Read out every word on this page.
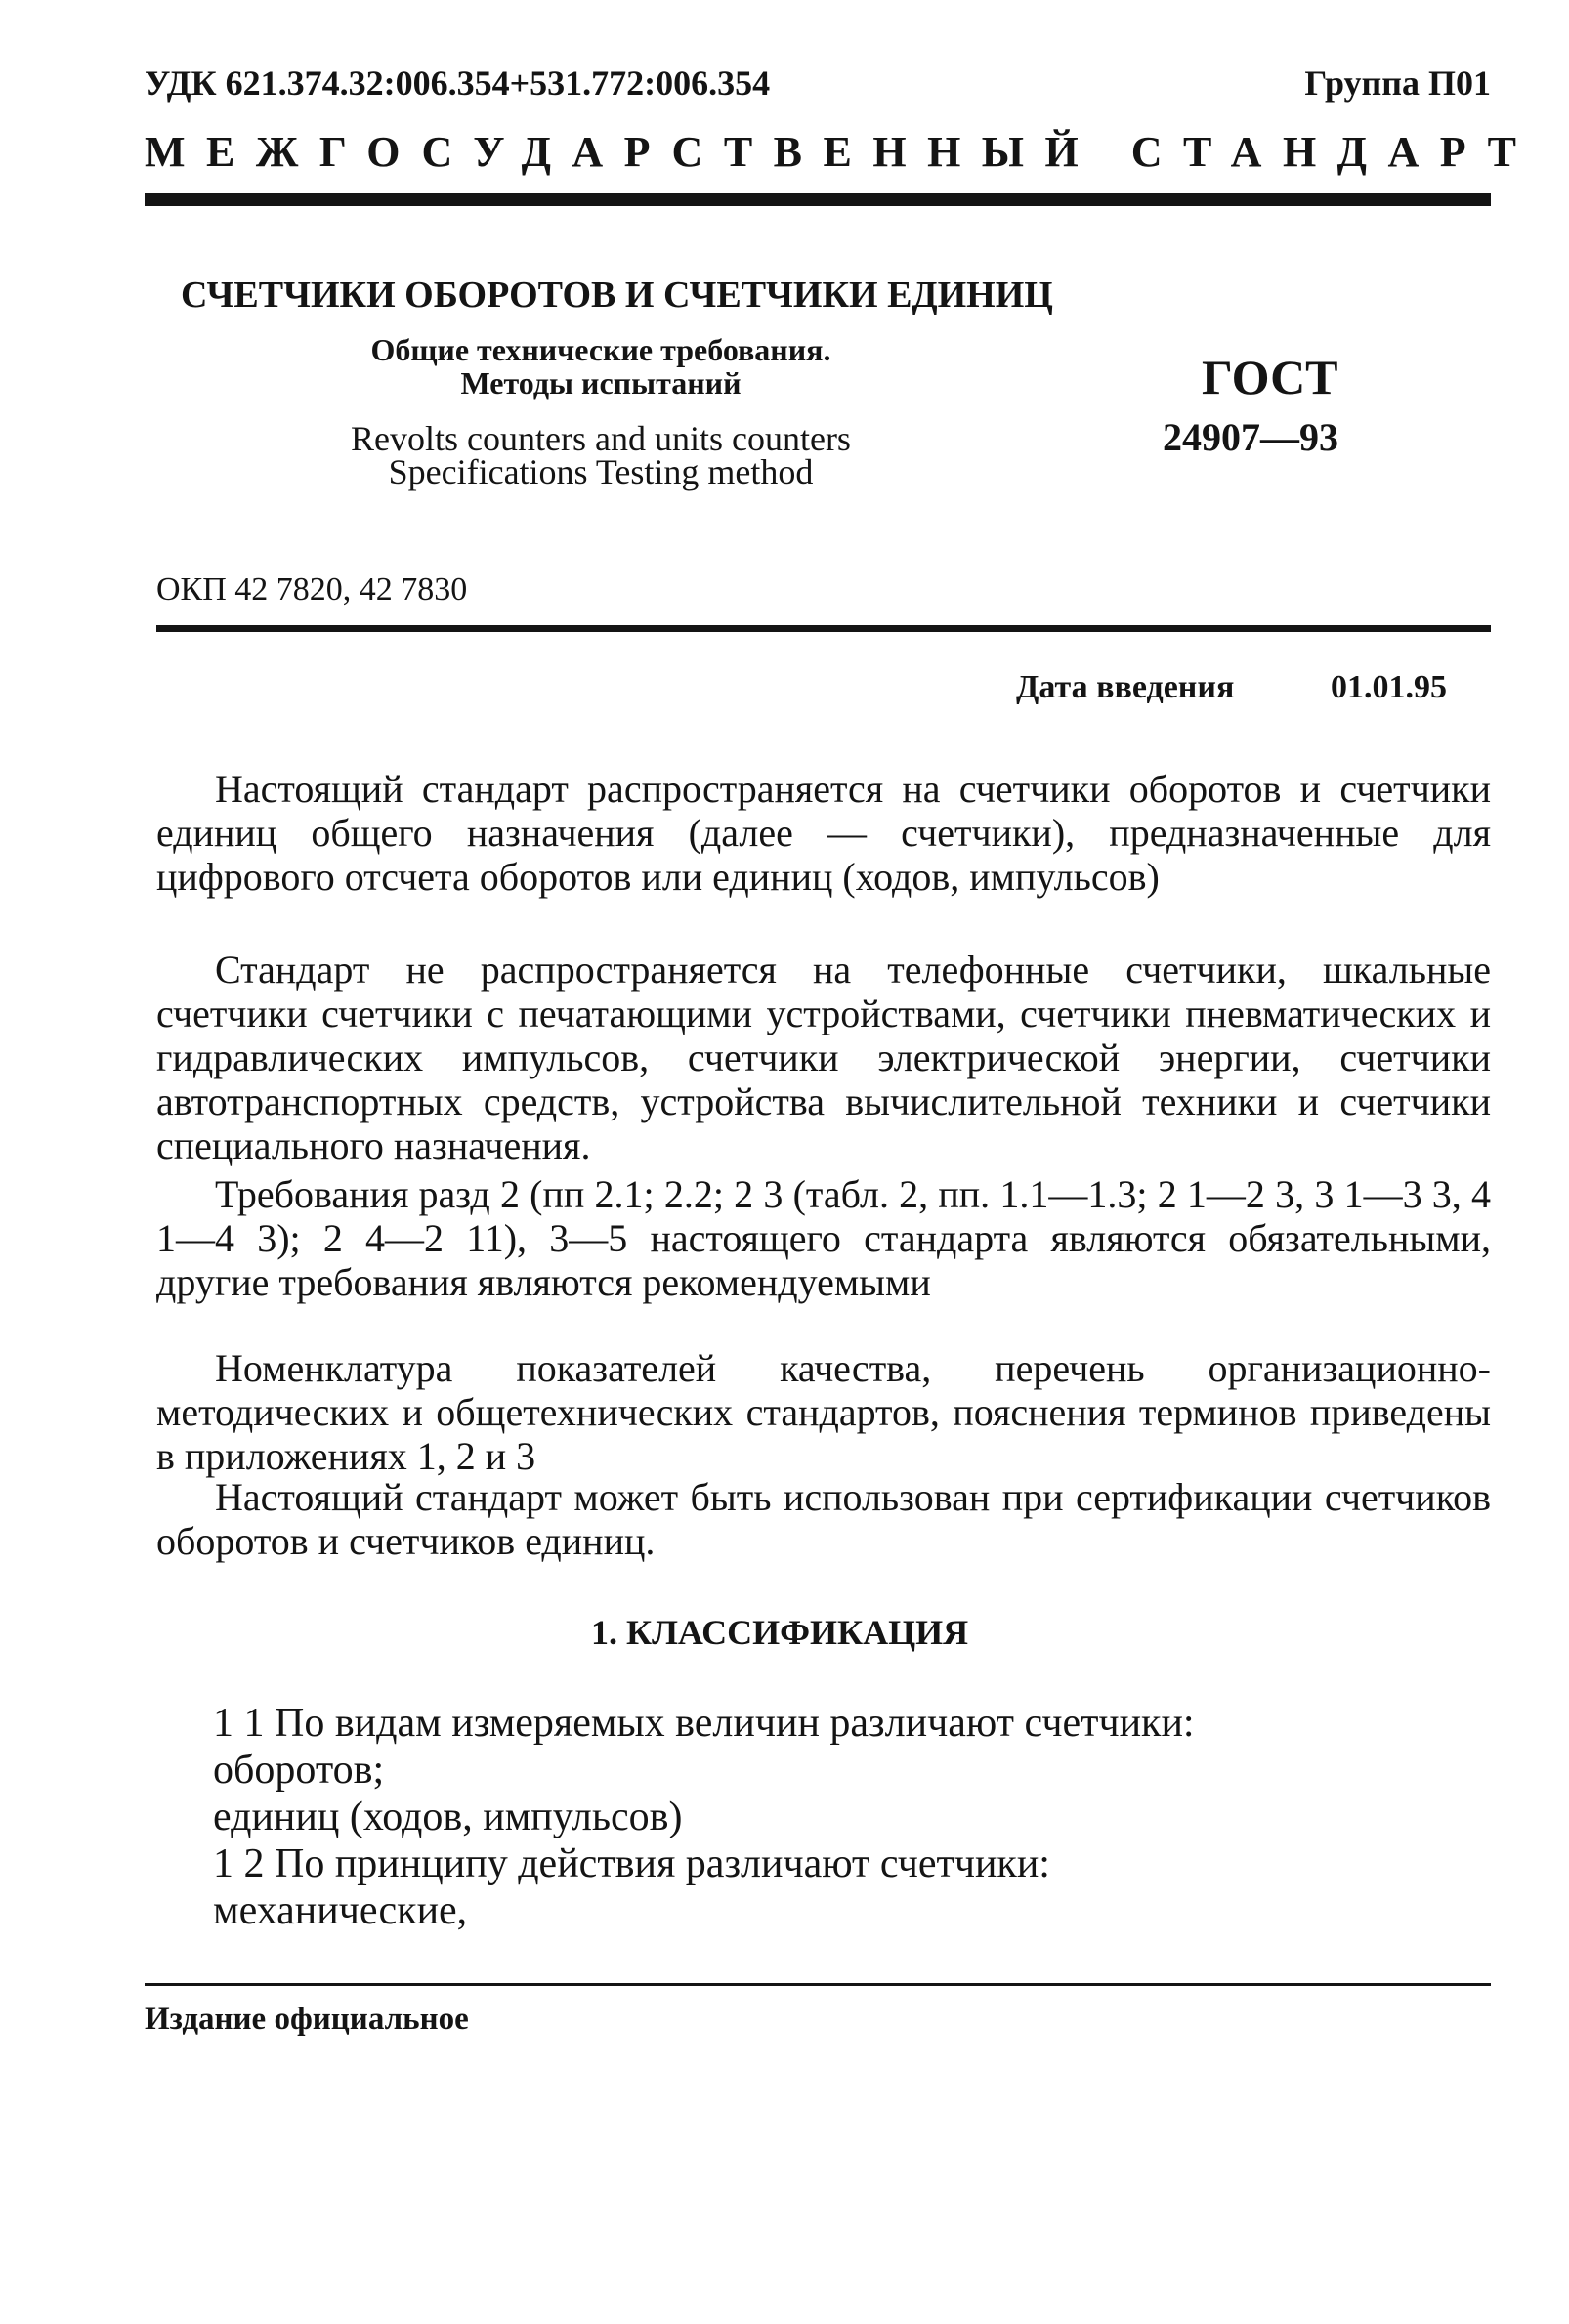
УДК 621.374.32:006.354+531.772:006.354	Группа П01
МЕЖГОСУДАРСТВЕННЫЙ СТАНДАРТ
СЧЕТЧИКИ ОБОРОТОВ И СЧЕТЧИКИ ЕДИНИЦ
Общие технические требования.
Методы испытаний
Revolts counters and units counters
Specifications Testing method
ГОСТ
24907—93
ОКП 42 7820, 42 7830
Дата введения	01.01.95

Настоящий стандарт распространяется на счетчики оборотов и счетчики единиц общего назначения (далее — счетчики), предназначенные для цифрового отсчета оборотов или единиц (ходов, импульсов)

Стандарт не распространяется на телефонные счетчики, шкальные счетчики счетчики с печатающими устройствами, счетчики пневматических и гидравлических импульсов, счетчики электрической энергии, счетчики автотранспортных средств, устройства вычислительной техники и счетчики специального назначения.

Требования разд 2 (пп 2.1; 2.2; 2 3 (табл. 2, пп. 1.1—1.3; 2 1—2 3, 3 1—3 3, 4 1—4 3); 2 4—2 11), 3—5 настоящего стандарта являются обязательными, другие требования являются рекомендуемыми

Номенклатура показателей качества, перечень организационно-методических и общетехнических стандартов, пояснения терминов приведены в приложениях 1, 2 и 3

Настоящий стандарт может быть использован при сертификации счетчиков оборотов и счетчиков единиц.

1. КЛАССИФИКАЦИЯ
1 1 По видам измеряемых величин различают счетчики:
оборотов;
единиц (ходов, импульсов)
1 2 По принципу действия различают счетчики:
механические,
Издание официальное
